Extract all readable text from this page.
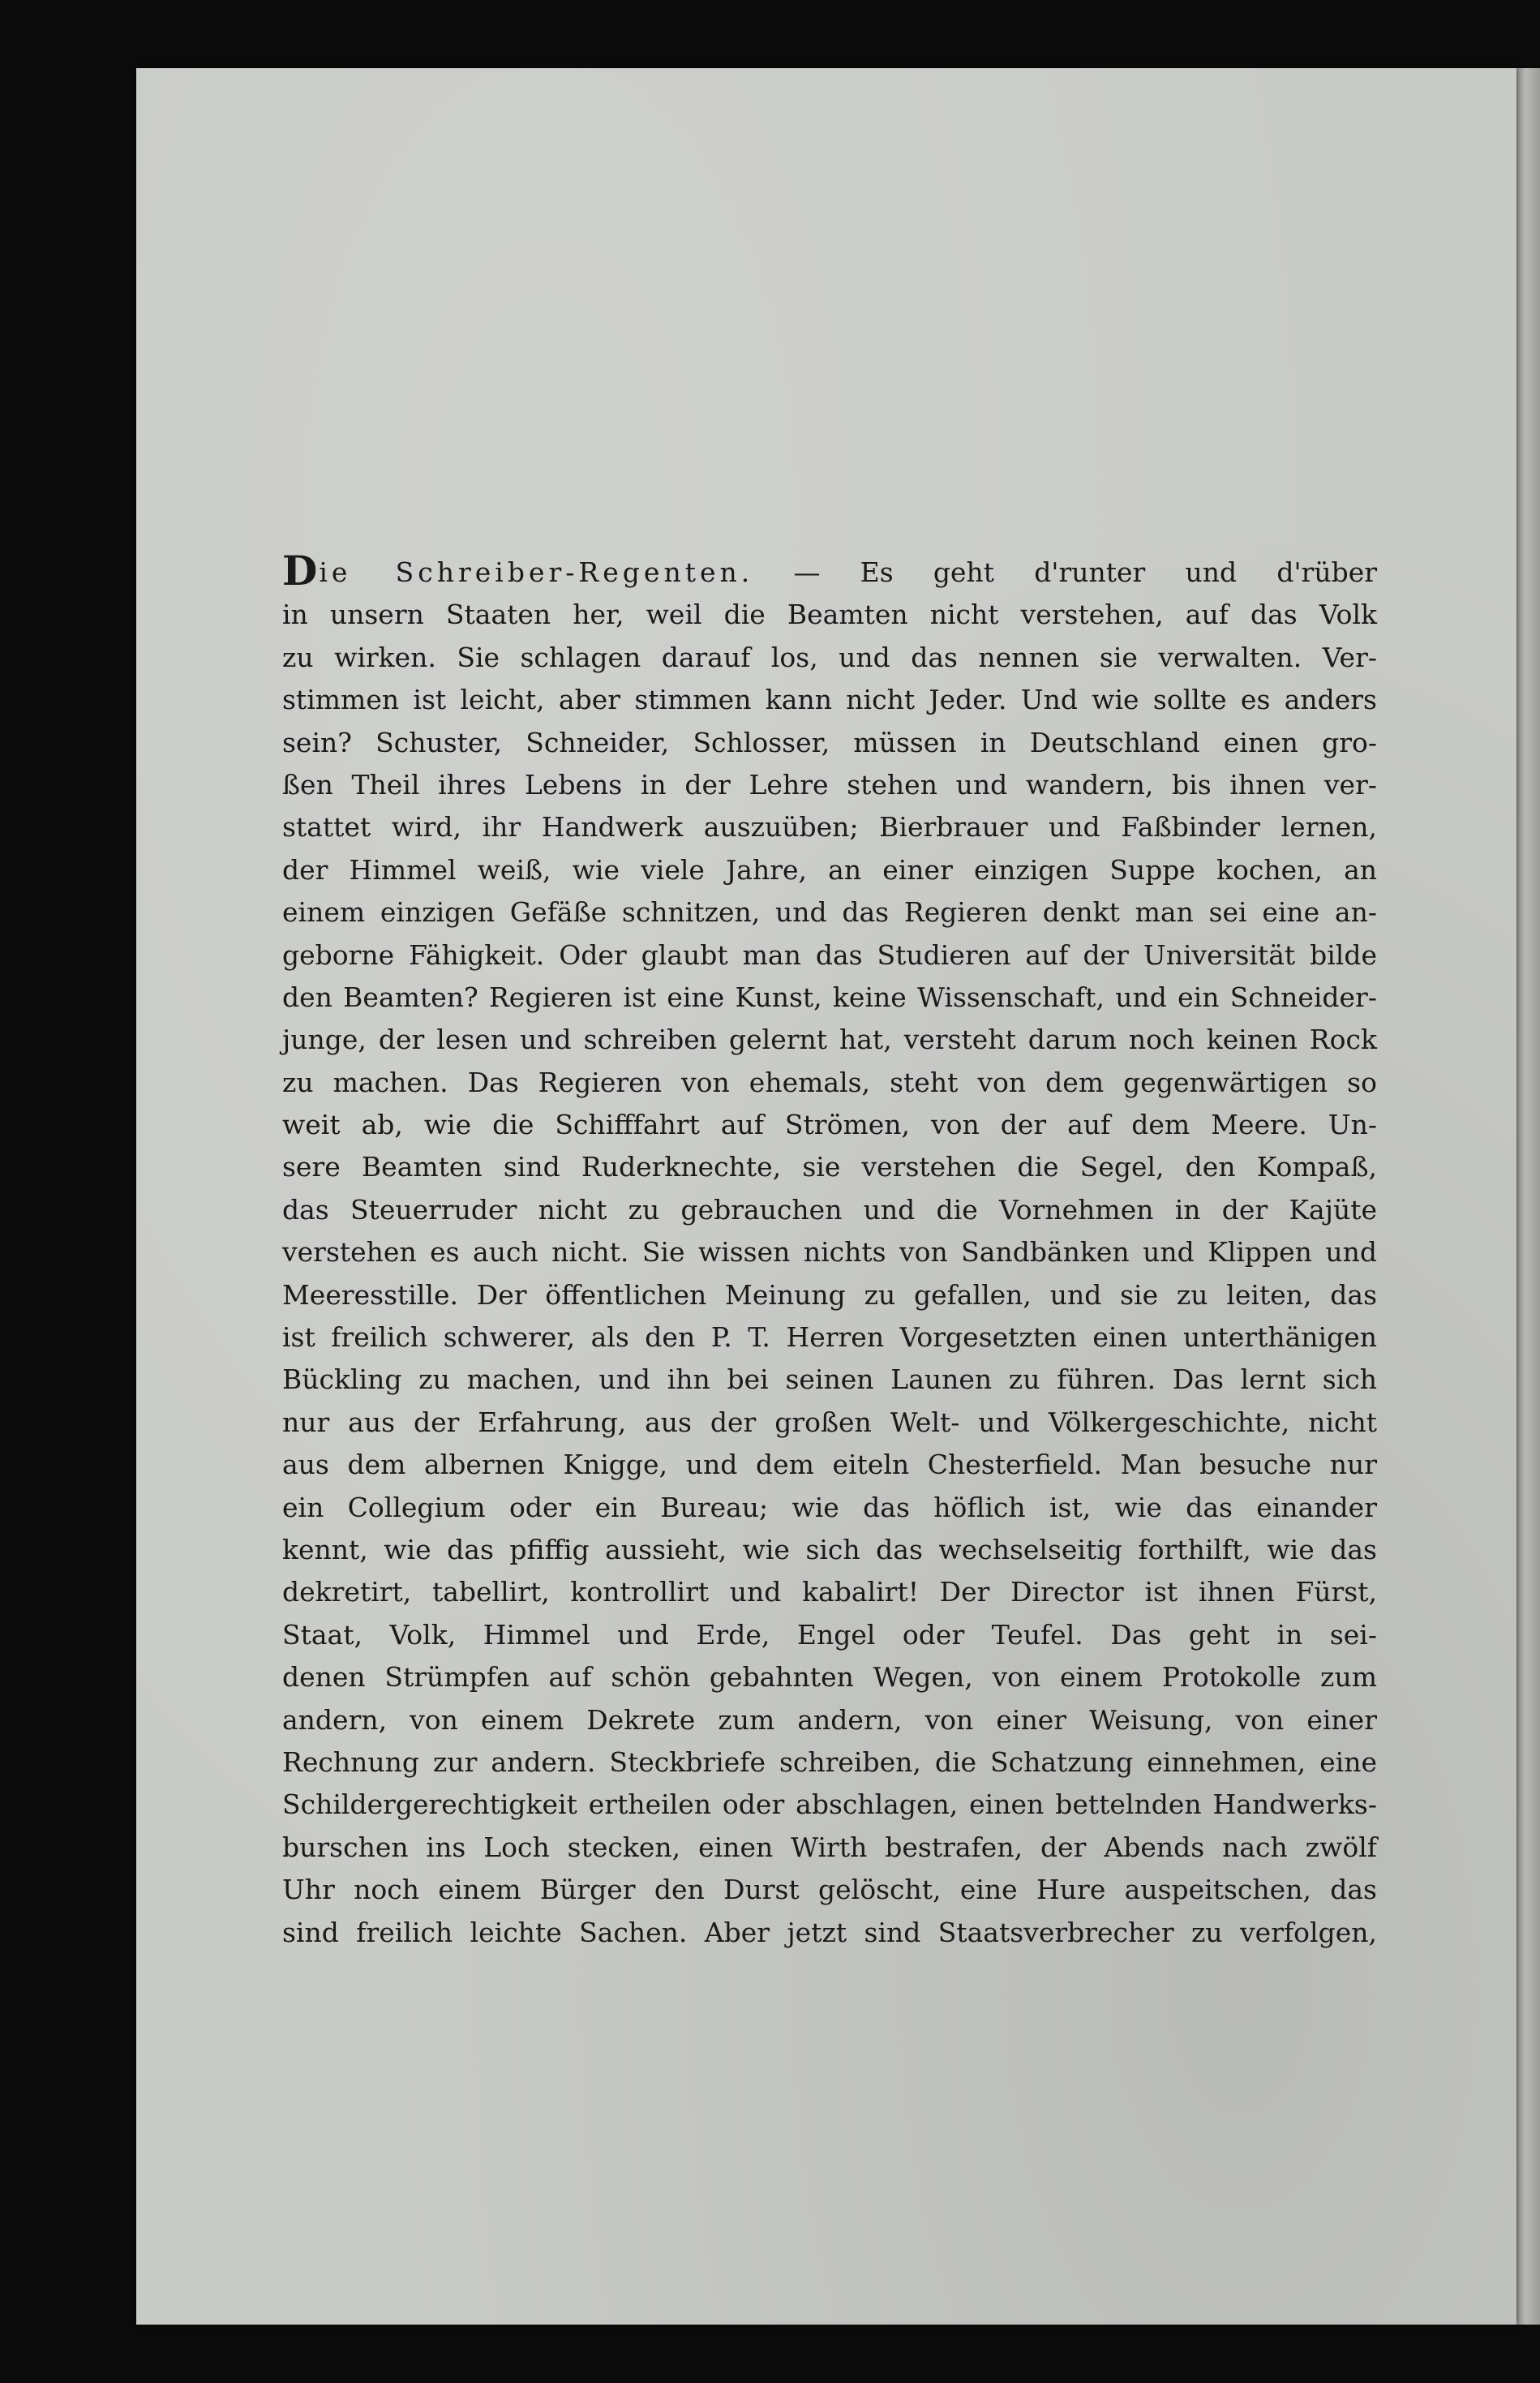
Die Schreiber-Regenten. — Es geht d'runter und d'rüber
in unsern Staaten her, weil die Beamten nicht verstehen, auf das Volk
zu wirken. Sie schlagen darauf los, und das nennen sie verwalten. Ver-
stimmen ist leicht, aber stimmen kann nicht Jeder. Und wie sollte es anders
sein? Schuster, Schneider, Schlosser, müssen in Deutschland einen gro-
ßen Theil ihres Lebens in der Lehre stehen und wandern, bis ihnen ver-
stattet wird, ihr Handwerk auszuüben; Bierbrauer und Faßbinder lernen,
der Himmel weiß, wie viele Jahre, an einer einzigen Suppe kochen, an
einem einzigen Gefäße schnitzen, und das Regieren denkt man sei eine an-
geborne Fähigkeit. Oder glaubt man das Studieren auf der Universität bilde
den Beamten? Regieren ist eine Kunst, keine Wissenschaft, und ein Schneider-
junge, der lesen und schreiben gelernt hat, versteht darum noch keinen Rock
zu machen. Das Regieren von ehemals, steht von dem gegenwärtigen so
weit ab, wie die Schifffahrt auf Strömen, von der auf dem Meere. Un-
sere Beamten sind Ruderknechte, sie verstehen die Segel, den Kompaß,
das Steuerruder nicht zu gebrauchen und die Vornehmen in der Kajüte
verstehen es auch nicht. Sie wissen nichts von Sandbänken und Klippen und
Meeresstille. Der öffentlichen Meinung zu gefallen, und sie zu leiten, das
ist freilich schwerer, als den P. T. Herren Vorgesetzten einen unterthänigen
Bückling zu machen, und ihn bei seinen Launen zu führen. Das lernt sich
nur aus der Erfahrung, aus der großen Welt- und Völkergeschichte, nicht
aus dem albernen Knigge, und dem eiteln Chesterfield. Man besuche nur
ein Collegium oder ein Bureau; wie das höflich ist, wie das einander
kennt, wie das pfiffig aussieht, wie sich das wechselseitig forthilft, wie das
dekretirt, tabellirt, kontrollirt und kabalirt! Der Director ist ihnen Fürst,
Staat, Volk, Himmel und Erde, Engel oder Teufel. Das geht in sei-
denen Strümpfen auf schön gebahnten Wegen, von einem Protokolle zum
andern, von einem Dekrete zum andern, von einer Weisung, von einer
Rechnung zur andern. Steckbriefe schreiben, die Schatzung einnehmen, eine
Schildergerechtigkeit ertheilen oder abschlagen, einen bettelnden Handwerks-
burschen ins Loch stecken, einen Wirth bestrafen, der Abends nach zwölf
Uhr noch einem Bürger den Durst gelöscht, eine Hure auspeitschen, das
sind freilich leichte Sachen. Aber jetzt sind Staatsverbrecher zu verfolgen,
